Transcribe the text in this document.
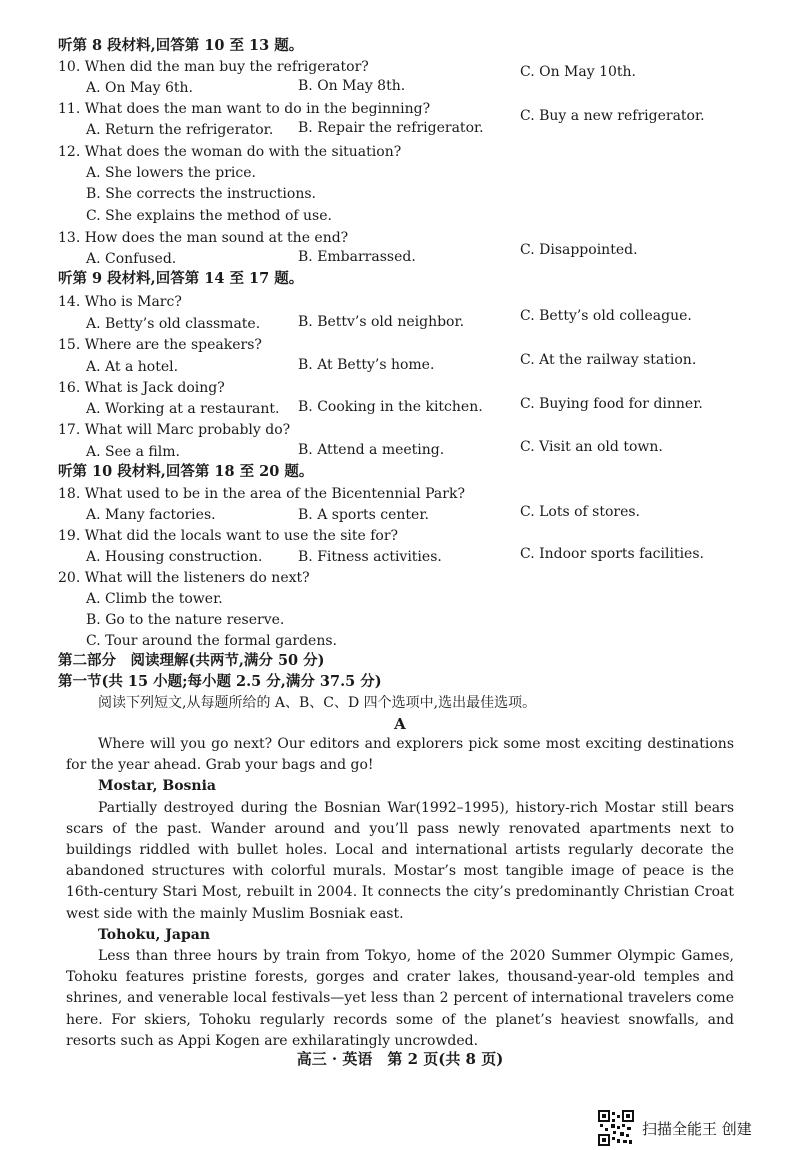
听第 8 段材料,回答第 10 至 13 题。
10. When did the man buy the refrigerator?
A. On May 6th.	B. On May 8th.
C. On May 10th.
11. What does the man want to do in the beginning?
A. Return the refrigerator. B. Repair the refrigerator.
C. Buy a new refrigerator.
12. What does the woman do with the situation?
A. She lowers the price.
B. She corrects the instructions.
C. She explains the method of use.
13. How does the man sound at the end?
A. Confused.	B. Embarrassed.	C. Disappointed.
听第 9 段材料,回答第 14 至 17 题。
14. Who is Marc?
A. Betty’s old classmate.	B. Bettv’s old neighbor.	C. Betty’s old colleague.
15. Where are the speakers?
A. At a hotel.	B. At Betty’s home.	C. At the railway station.
16. What is Jack doing?
A. Working at a restaurant. B. Cooking in the kitchen.	C. Buying food for dinner.
17. What will Marc probably do?
A. See a film.	B. Attend a meeting.	C. Visit an old town.
听第 10 段材料,回答第 18 至 20 题。
18. What used to be in the area of the Bicentennial Park?
A. Many factories.	B. A sports center.	C. Lots of stores.
19. What did the locals want to use the site for?
A. Housing construction.	B. Fitness activities.	C. Indoor sports facilities.
20. What will the listeners do next?
A. Climb the tower.
B. Go to the nature reserve.
C. Tour around the formal gardens.
第二部分　阅读理解(共两节,满分 50 分)
第一节(共 15 小题;每小题 2.5 分,满分 37.5 分)
阅读下列短文,从每题所给的 A、B、C、D 四个选项中,选出最佳选项。
A

Where will you go next? Our editors and explorers pick some most exciting destinations for the year ahead. Grab your bags and go!

Mostar, Bosnia

Partially destroyed during the Bosnian War(1992–1995), history-rich Mostar still bears scars of the past. Wander around and you’ll pass newly renovated apartments next to buildings riddled with bullet holes. Local and international artists regularly decorate the abandoned structures with colorful murals. Mostar’s most tangible image of peace is the 16th-century Stari Most, rebuilt in 2004. It connects the city’s predominantly Christian Croat west side with the mainly Muslim Bosniak east.

Tohoku, Japan

Less than three hours by train from Tokyo, home of the 2020 Summer Olympic Games, Tohoku features pristine forests, gorges and crater lakes, thousand-year-old temples and shrines, and venerable local festivals—yet less than 2 percent of international travelers come here. For skiers, Tohoku regularly records some of the planet’s heaviest snowfalls, and resorts such as Appi Kogen are exhilaratingly uncrowded.

高三 · 英语　第 2 页(共 8 页)
扫描全能王 创建
